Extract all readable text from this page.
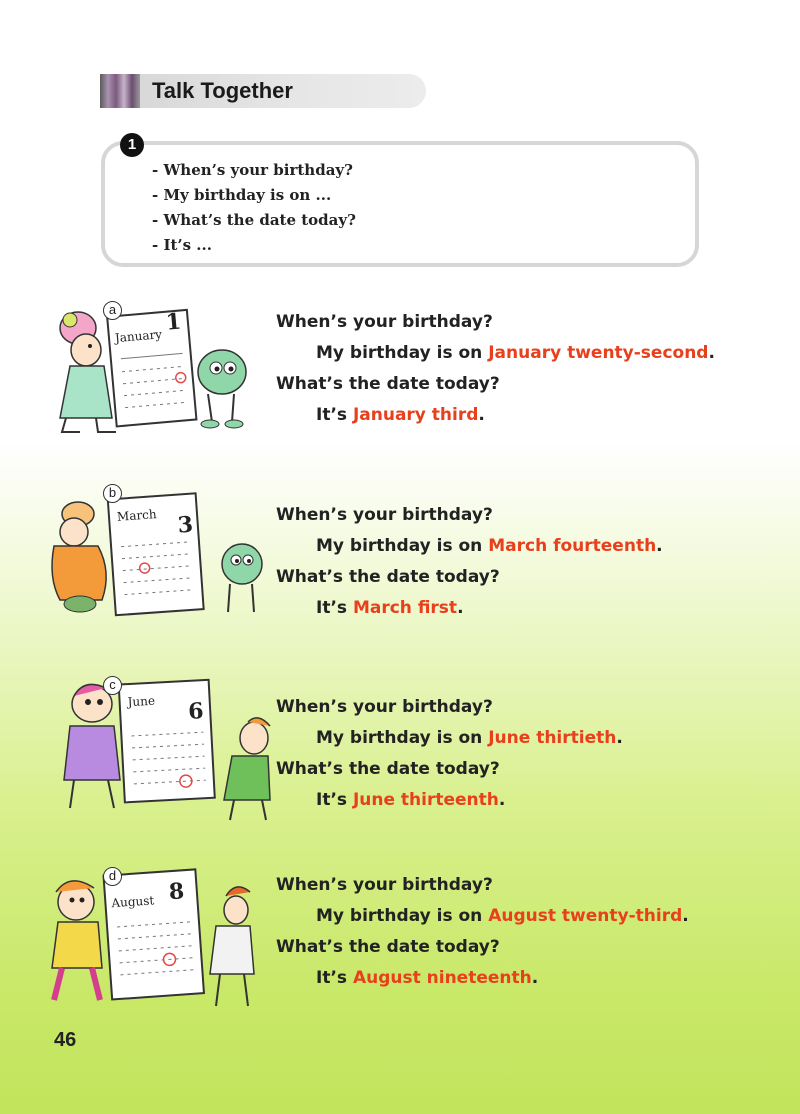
Talk Together
1
- When’s your birthday?
- My birthday is on ...
- What’s the date today?
- It’s ...
January
1
a
When’s your birthday?
My birthday is on January twenty-second.
What’s the date today?
It’s January third.
March 3
b
When’s your birthday?
My birthday is on March fourteenth.
What’s the date today?
It’s March first.
June 6
c
When’s your birthday?
My birthday is on June thirtieth.
What’s the date today?
It’s June thirteenth.
August 8
d	When’s your birthday?
My birthday is on August twenty-third.
What’s the date today?
It’s August nineteenth.
46
